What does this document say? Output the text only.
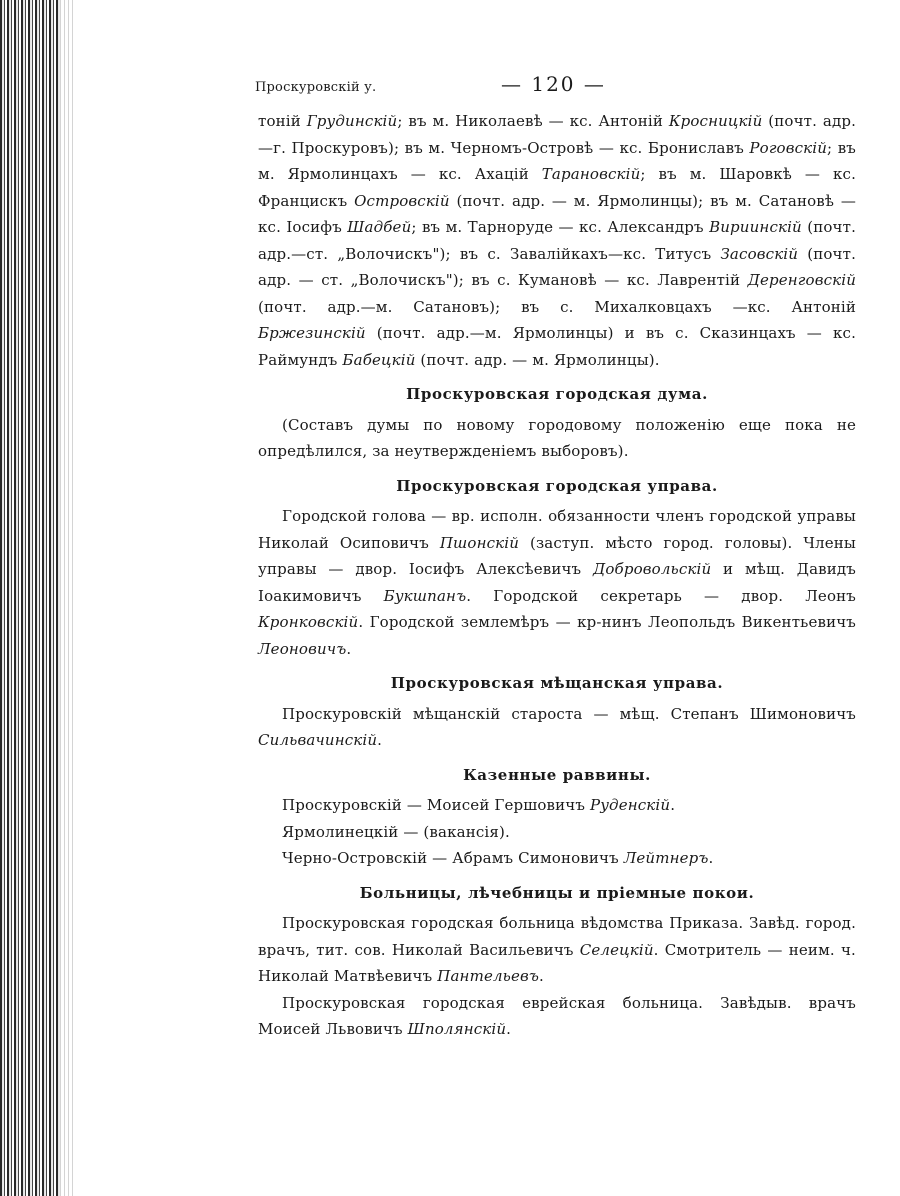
Проскуровскій у.	— 120 —

тоній Грудинскій; въ м. Николаевѣ — кс. Антоній Кросницкій (почт. адр.—г. Проскуровъ); въ м. Черномъ-Островѣ — кс. Брониславъ Роговскій; въ м. Ярмолинцахъ — кс. Ахацій Тарановскій; въ м. Шаровкѣ — кс. Францискъ Островскій (почт. адр. — м. Ярмолинцы); въ м. Сатановѣ — кс. Іосифъ Шадбей; въ м. Тарноруде — кс. Александръ Вириинскій (почт. адр.—ст. „Волочискъ"); въ с. Завалійкахъ—кс. Титусъ Засовскій (почт. адр. — ст. „Волочискъ"); въ с. Кумановѣ — кс. Лаврентій Деренговскій (почт. адр.—м. Сатановъ); въ с. Михалковцахъ —кс. Антоній Бржезинскій (почт. адр.—м. Ярмолинцы) и въ с. Сказинцахъ — кс. Раймундъ Бабецкій (почт. адр. — м. Ярмолинцы).

Проскуровская городская дума.

(Составъ думы по новому городовому положенію еще пока не опредѣлился, за неутвержденіемъ выборовъ).

Проскуровская городская управа.

Городской голова — вр. исполн. обязанности членъ городской управы Николай Осиповичъ Пшонскій (заступ. мѣсто город. головы). Члены управы — двор. Іосифъ Алексѣевичъ Добровольскій и мѣщ. Давидъ Іоакимовичъ Букшпанъ. Городской секретарь — двор. Леонъ Кронковскій. Городской землемѣръ — кр-нинъ Леопольдъ Викентьевичъ Леоновичъ.

Проскуровская мѣщанская управа.

Проскуровскій мѣщанскій староста — мѣщ. Степанъ Шимоновичъ Сильвачинскій.

Казенные раввины.

Проскуровскій — Моисей Гершовичъ Руденскій.

Ярмолинецкій — (вакансія).

Черно-Островскій — Абрамъ Симоновичъ Лейтнеръ.

Больницы, лѣчебницы и пріемные покои.

Проскуровская городская больница вѣдомства Приказа. Завѣд. город. врачъ, тит. сов. Николай Васильевичъ Селецкій. Смотритель — неим. ч. Николай Матвѣевичъ Пантельевъ.

Проскуровская городская еврейская больница. Завѣдыв. врачъ Моисей Львовичъ Шполянскій.
